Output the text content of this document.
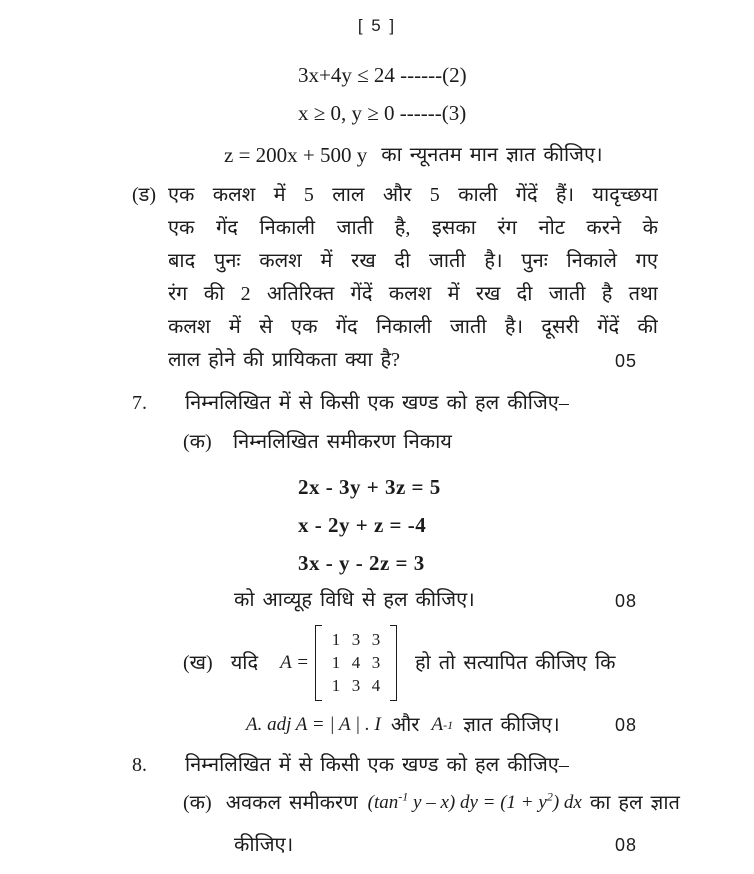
[ 5 ]
3x+4y ≤ 24 ------(2)
x ≥ 0, y ≥ 0 ------(3)
z = 200x + 500 y का न्यूनतम मान ज्ञात कीजिए।
(ड) एक कलश में 5 लाल और 5 काली गेंदें हैं। यादृच्छया
एक गेंद निकाली जाती है, इसका रंग नोट करने के
बाद पुनः कलश में रख दी जाती है। पुनः निकाले गए
रंग की 2 अतिरिक्त गेंदें कलश में रख दी जाती है तथा
कलश में से एक गेंद निकाली जाती है। दूसरी गेंदें की
लाल होने की प्रायिकता क्या है?	05
7. निम्नलिखित में से किसी एक खण्ड को हल कीजिए–
(क) निम्नलिखित समीकरण निकाय
2x - 3y + 3z = 5
x - 2y + z = -4
3x - y - 2z = 3
को आव्यूह विधि से हल कीजिए।	08
(ख) यदि A =
1 3 3
1 4 3
1 3 4
हो तो सत्यापित कीजिए कि
A. adj A = | A | . I और A -1 ज्ञात कीजिए।	08
8. निम्नलिखित में से किसी एक खण्ड को हल कीजिए–
(क) अवकल समीकरण ($\tan^{-1}$ y – x) dy = $(1 + y^2)$ dx का हल ज्ञात
कीजिए।	08
